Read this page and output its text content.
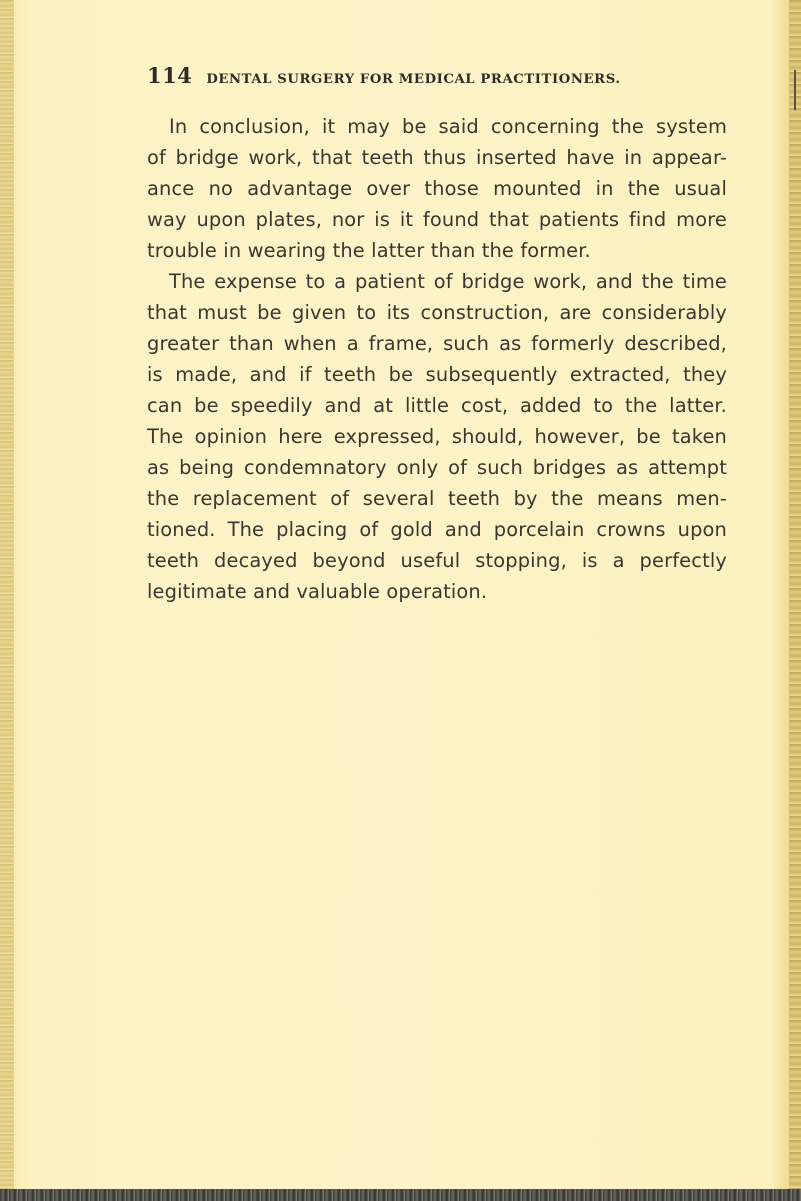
114 DENTAL SURGERY FOR MEDICAL PRACTITIONERS.
In conclusion, it may be said concerning the system
of bridge work, that teeth thus inserted have in appear-
ance no advantage over those mounted in the usual
way upon plates, nor is it found that patients find more
trouble in wearing the latter than the former.
The expense to a patient of bridge work, and the time
that must be given to its construction, are considerably
greater than when a frame, such as formerly described,
is made, and if teeth be subsequently extracted, they
can be speedily and at little cost, added to the latter.
The opinion here expressed, should, however, be taken
as being condemnatory only of such bridges as attempt
the replacement of several teeth by the means men-
tioned. The placing of gold and porcelain crowns upon
teeth decayed beyond useful stopping, is a perfectly
legitimate and valuable operation.
